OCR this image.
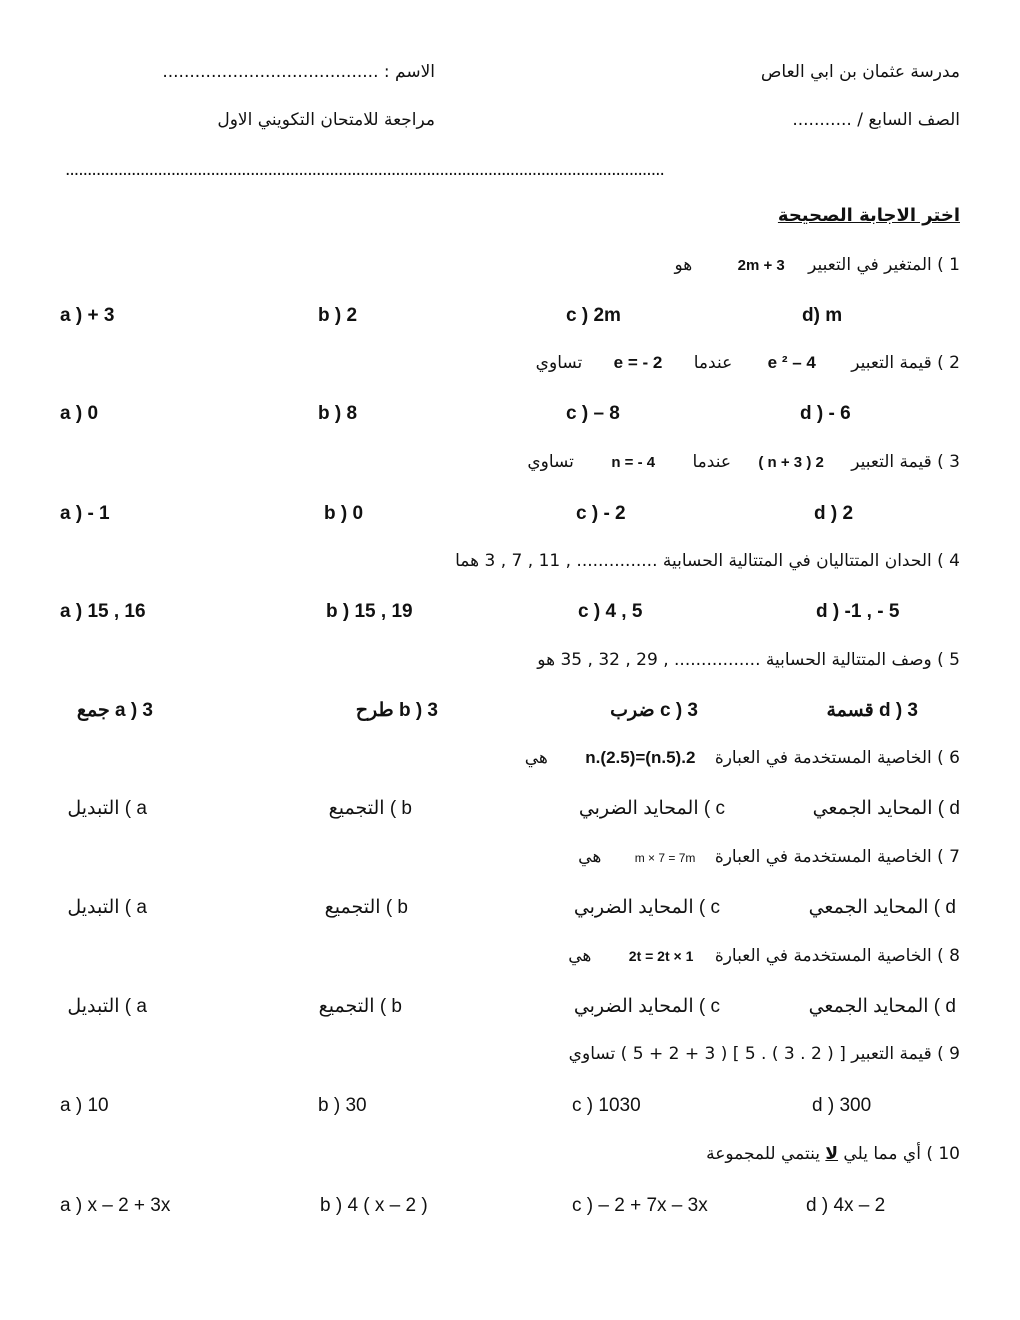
مدرسة عثمان بن ابي العاص
الاسم : ........................................
الصف السابع / ...........
مراجعة للامتحان التكويني الاول
........................................................................................................................................
اختر الاجابة الصحيحة
1 ) المتغير في التعبير 2m + 3 هو
a ) + 3	b ) 2	c ) 2m	d) m
2 ) قيمة التعبير e ² – 4 عندما e = - 2 تساوي
a ) 0	b ) 8	c ) – 8	d ) - 6
3 ) قيمة التعبير 2 ( n + 3 ) عندما n = - 4 تساوي
a ) - 1	b ) 0	c ) - 2	d ) 2
4 ) الحدان المتتاليان في المتتالية الحسابية ............... , 11 , 7 , 3 هما
a ) 15 , 16	b ) 15 , 19	c ) 4 , 5	d ) -1 , - 5
5 ) وصف المتتالية الحسابية ................ , 29 , 32 , 35 هو
a ) 3 جمع	b ) 3 طرح	c ) 3 ضرب	d ) 3 قسمة
6 ) الخاصية المستخدمة في العبارة 2.(5.n)=(2.5).n هي
a ) التبديل	b ) التجميع	c ) المحايد الضربي	d ) المحايد الجمعي
7 ) الخاصية المستخدمة في العبارة m × 7 = 7m هي
a ) التبديل	b ) التجميع	c ) المحايد الضربي	d ) المحايد الجمعي
8 ) الخاصية المستخدمة في العبارة 1 × 2t = 2t هي
a ) التبديل	b ) التجميع	c ) المحايد الضربي	d ) المحايد الجمعي
9 ) قيمة التعبير [ ( 2 . 3 ) . 5 ] ( 3 + 2 + 5 ) تساوي
a ) 10	b ) 30	c ) 1030	d ) 300
10 ) أي مما يلي لا ينتمي للمجموعة
a ) x – 2 + 3x	b ) 4 ( x – 2 )	c ) – 2 + 7x – 3x	d ) 4x – 2
